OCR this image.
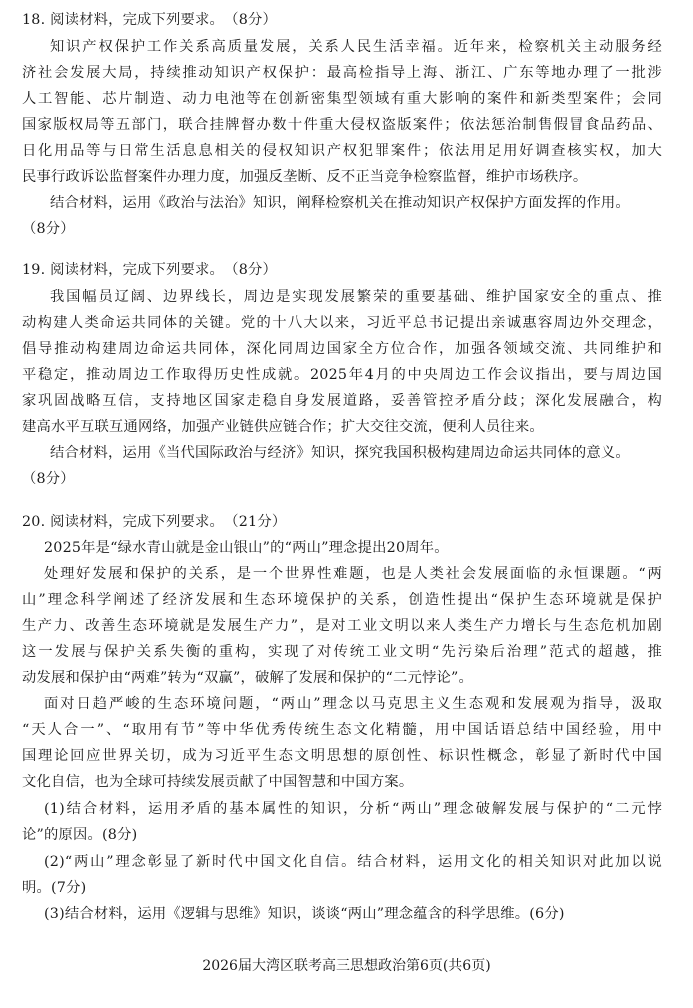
18. 阅读材料，完成下列要求。　（8分）
知识产权保护工作关系高质量发展，关系人民生活幸福。近年来，检察机关主动服务经
济社会发展大局，持续推动知识产权保护：最高检指导上海、浙江、广东等地办理了一批涉
人工智能、芯片制造、动力电池等在创新密集型领域有重大影响的案件和新类型案件；会同
国家版权局等五部门，联合挂牌督办数十件重大侵权盗版案件；依法惩治制售假冒食品药品、
日化用品等与日常生活息息相关的侵权知识产权犯罪案件；依法用足用好调查核实权，加大
民事行政诉讼监督案件办理力度，加强反垄断、反不正当竞争检察监督，维护市场秩序。
结合材料，运用《政治与法治》知识，阐释检察机关在推动知识产权保护方面发挥的作用。
（8分）
19. 阅读材料，完成下列要求。　（8分）
我国幅员辽阔、边界线长，周边是实现发展繁荣的重要基础、维护国家安全的重点、推
动构建人类命运共同体的关键。党的十八大以来，习近平总书记提出亲诚惠容周边外交理念，
倡导推动构建周边命运共同体，深化同周边国家全方位合作，加强各领域交流、共同维护和
平稳定，推动周边工作取得历史性成就。2025年4月的中央周边工作会议指出，要与周边国
家巩固战略互信，支持地区国家走稳自身发展道路，妥善管控矛盾分歧；深化发展融合，构
建高水平互联互通网络，加强产业链供应链合作；扩大交往交流，便利人员往来。
结合材料，运用《当代国际政治与经济》知识，探究我国积极构建周边命运共同体的意义。
（8分）
20. 阅读材料，完成下列要求。　（21分）
2025年是“绿水青山就是金山银山”的“两山”理念提出20周年。
处理好发展和保护的关系，是一个世界性难题，也是人类社会发展面临的永恒课题。“两
山”理念科学阐述了经济发展和生态环境保护的关系，创造性提出“保护生态环境就是保护
生产力、改善生态环境就是发展生产力”，是对工业文明以来人类生产力增长与生态危机加剧
这一发展与保护关系失衡的重构，实现了对传统工业文明“先污染后治理”范式的超越，推
动发展和保护由“两难”转为“双赢”，破解了发展和保护的“二元悖论”。
面对日趋严峻的生态环境问题，“两山”理念以马克思主义生态观和发展观为指导，汲取
“天人合一”、“取用有节”等中华优秀传统生态文化精髓，用中国话语总结中国经验，用中
国理论回应世界关切，成为习近平生态文明思想的原创性、标识性概念，彰显了新时代中国
文化自信，也为全球可持续发展贡献了中国智慧和中国方案。
(1)结合材料，运用矛盾的基本属性的知识，分析“两山”理念破解发展与保护的“二元悖
论”的原因。(8分)
(2)“两山”理念彰显了新时代中国文化自信。结合材料，运用文化的相关知识对此加以说
明。(7分)
(3)结合材料，运用《逻辑与思维》知识，谈谈“两山”理念蕴含的科学思维。(6分)
2026届大湾区联考高三思想政治第6页(共6页)
